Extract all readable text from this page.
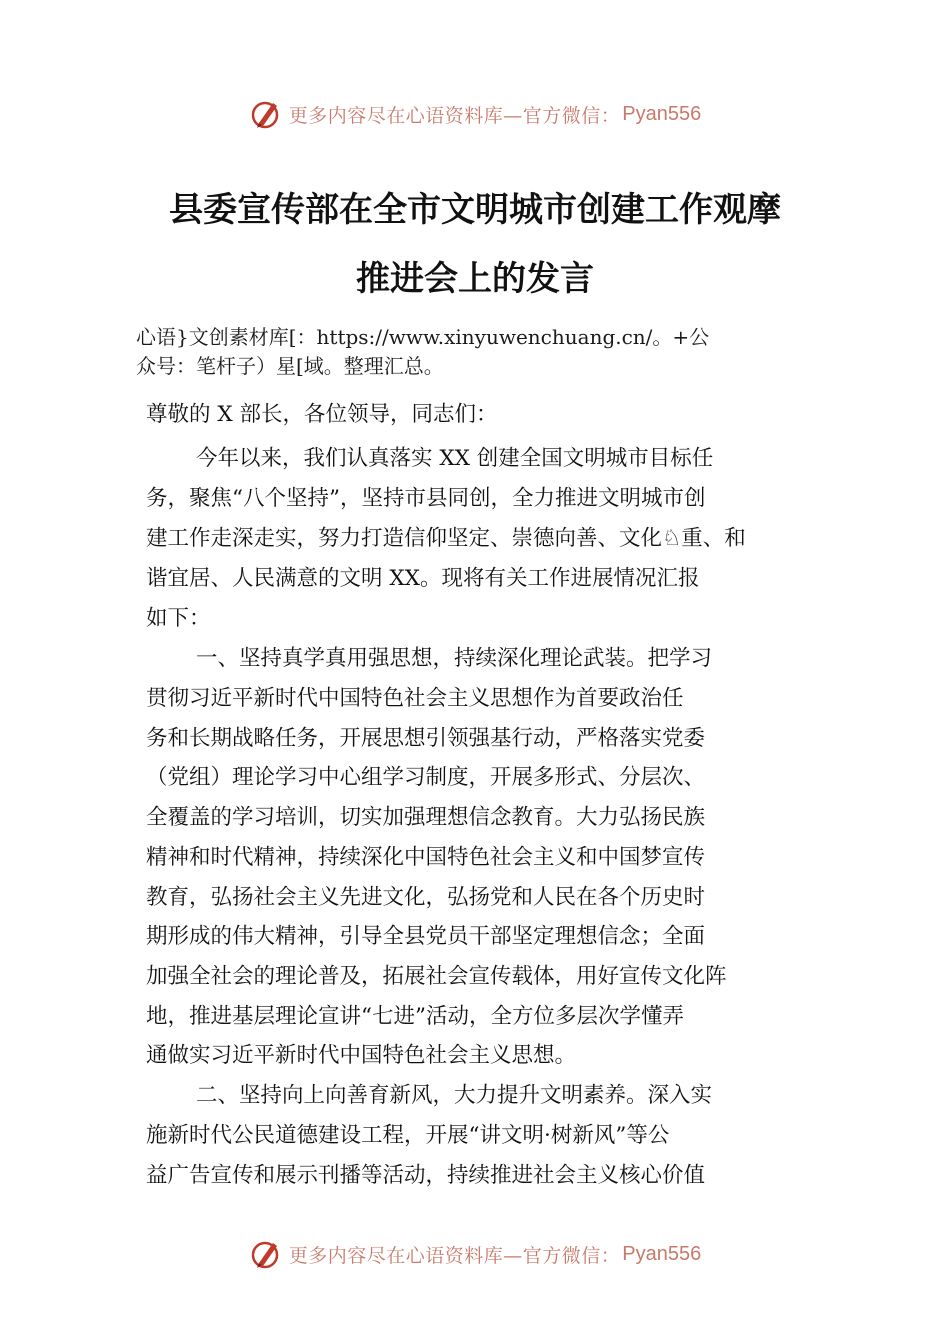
更多内容尽在心语资料库—官方微信： Pyan556
县委宣传部在全市文明城市创建工作观摩
推进会上的发言
心语}文创素材库[：https://www.xinyuwenchuang.cn/。+公
众号：笔杆子）星[域。整理汇总。
尊敬的 X 部长，各位领导，同志们：
今年以来，我们认真落实 XX 创建全国文明城市目标任
务，聚焦“八个坚持”，坚持市县同创，全力推进文明城市创
建工作走深走实，努力打造信仰坚定、崇德向善、文化♘重、和
谐宜居、人民满意的文明 XX。现将有关工作进展情况汇报
如下：
一、坚持真学真用强思想，持续深化理论武装。把学习
贯彻习近平新时代中国特色社会主义思想作为首要政治任
务和长期战略任务，开展思想引领强基行动，严格落实党委
（党组）理论学习中心组学习制度，开展多形式、分层次、
全覆盖的学习培训，切实加强理想信念教育。大力弘扬民族
精神和时代精神，持续深化中国特色社会主义和中国梦宣传
教育，弘扬社会主义先进文化，弘扬党和人民在各个历史时
期形成的伟大精神，引导全县党员干部坚定理想信念；全面
加强全社会的理论普及，拓展社会宣传载体，用好宣传文化阵
地，推进基层理论宣讲“七进”活动，全方位多层次学懂弄
通做实习近平新时代中国特色社会主义思想。
二、坚持向上向善育新风，大力提升文明素养。深入实
施新时代公民道德建设工程，开展“讲文明·树新风”等公
益广告宣传和展示刊播等活动，持续推进社会主义核心价值
更多内容尽在心语资料库—官方微信： Pyan556
